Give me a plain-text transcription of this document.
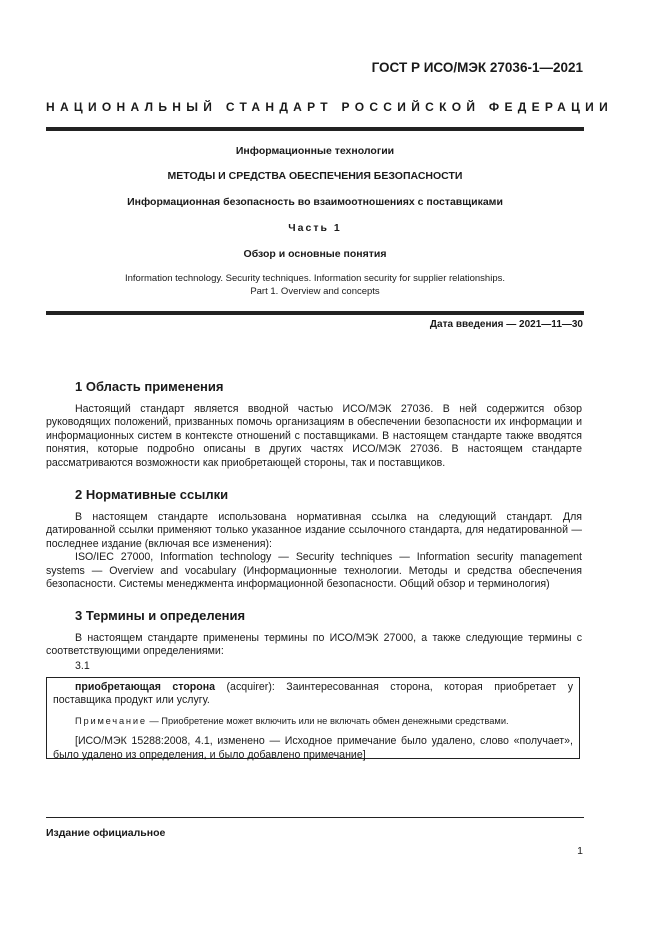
ГОСТ Р ИСО/МЭК 27036-1—2021
НАЦИОНАЛЬНЫЙ СТАНДАРТ РОССИЙСКОЙ ФЕДЕРАЦИИ
Информационные технологии
МЕТОДЫ И СРЕДСТВА ОБЕСПЕЧЕНИЯ БЕЗОПАСНОСТИ
Информационная безопасность во взаимоотношениях с поставщиками
Часть 1
Обзор и основные понятия
Information technology. Security techniques. Information security for supplier relationships.
Part 1. Overview and concepts
Дата введения — 2021—11—30
1 Область применения

Настоящий стандарт является вводной частью ИСО/МЭК 27036. В ней содержится обзор руководящих положений, призванных помочь организациям в обеспечении безопасности их информации и информационных систем в контексте отношений с поставщиками. В настоящем стандарте также вводятся понятия, которые подробно описаны в других частях ИСО/МЭК 27036. В настоящем стандарте рассматриваются возможности как приобретающей стороны, так и поставщиков.

2 Нормативные ссылки

В настоящем стандарте использована нормативная ссылка на следующий стандарт. Для датированной ссылки применяют только указанное издание ссылочного стандарта, для недатированной — последнее издание (включая все изменения):

ISO/IEC 27000, Information technology — Security techniques — Information security management systems — Overview and vocabulary (Информационные технологии. Методы и средства обеспечения безопасности. Системы менеджмента информационной безопасности. Общий обзор и терминология)

3 Термины и определения

В настоящем стандарте применены термины по ИСО/МЭК 27000, а также следующие термины с соответствующими определениями:

3.1

приобретающая сторона (acquirer): Заинтересованная сторона, которая приобретает у поставщика продукт или услугу.

Примечание — Приобретение может включить или не включать обмен денежными средствами.

[ИСО/МЭК 15288:2008, 4.1, изменено — Исходное примечание было удалено, слово «получает», было удалено из определения, и было добавлено примечание]

Издание официальное
1
